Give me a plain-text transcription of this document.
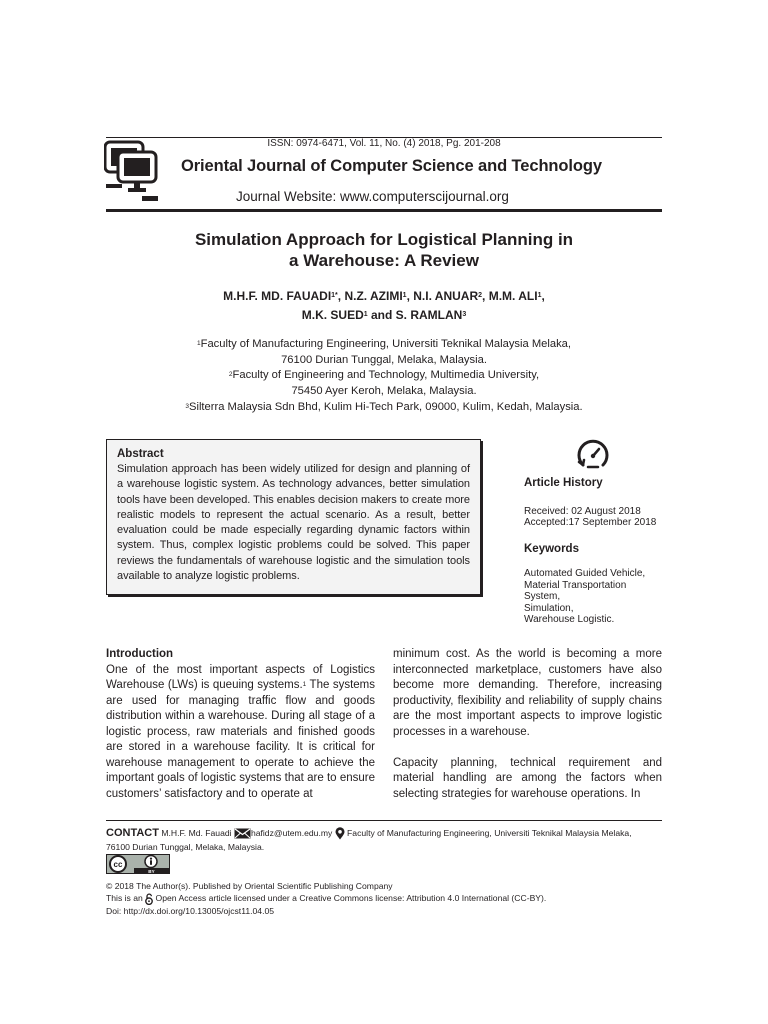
ISSN: 0974-6471, Vol. 11, No. (4) 2018, Pg. 201-208
Oriental Journal of Computer Science and Technology
Journal Website: www.computerscijournal.org
Simulation Approach for Logistical Planning in
a Warehouse: A Review
M.H.F. MD. $FAUADI^{1*}$, N.Z. AZIMI$^1$, N.I. ANUAR$^2$, M.M. ALI$^1$,
M.K. SUED$^1$ and S. RAMLAN$^3$
$^1$Faculty of Manufacturing Engineering, Universiti Teknikal Malaysia Melaka,
76100 Durian Tunggal, Melaka, Malaysia.
$^2$Faculty of Engineering and Technology, Multimedia University,
75450 Ayer Keroh, Melaka, Malaysia.
$^3$Silterra Malaysia Sdn Bhd, Kulim Hi-Tech Park, 09000, Kulim, Kedah, Malaysia.
Abstract
Simulation approach has been widely utilized for design and planning of a warehouse logistic system. As technology advances, better simulation tools have been developed. This enables decision makers to create more realistic models to represent the actual scenario. As a result, better evaluation could be made especially regarding dynamic factors within system. Thus, complex logistic problems could be solved. This paper reviews the fundamentals of warehouse logistic and the simulation tools available to analyze logistic problems.
Article History
Received: 02 August 2018
Accepted:17 September 2018
Keywords
Automated Guided Vehicle,
Material Transportation
System,
Simulation,
Warehouse Logistic.
Introduction
One of the most important aspects of Logistics Warehouse (LWs) is queuing systems.$^1$ The systems are used for managing traffic flow and goods distribution within a warehouse. During all stage of a logistic process, raw materials and finished goods are stored in a warehouse facility. It is critical for warehouse management to operate to achieve the important goals of logistic systems that are to ensure customers’ satisfactory and to operate at
minimum cost. As the world is becoming a more interconnected marketplace, customers have also become more demanding. Therefore, increasing productivity, flexibility and reliability of supply chains are the most important aspects to improve logistic processes in a warehouse.
Capacity planning, technical requirement and material handling are among the factors when selecting strategies for warehouse operations. In
CONTACT M.H.F. Md. Fauadi hafidz@utem.edu.my  Faculty of Manufacturing Engineering, Universiti Teknikal Malaysia Melaka,
76100 Durian Tunggal, Melaka, Malaysia.
cc
BY
© 2018 The Author(s). Published by Oriental Scientific Publishing Company
This is an  Open Access article licensed under a Creative Commons license: Attribution 4.0 International (CC-BY).
Doi: http://dx.doi.org/10.13005/ojcst11.04.05
